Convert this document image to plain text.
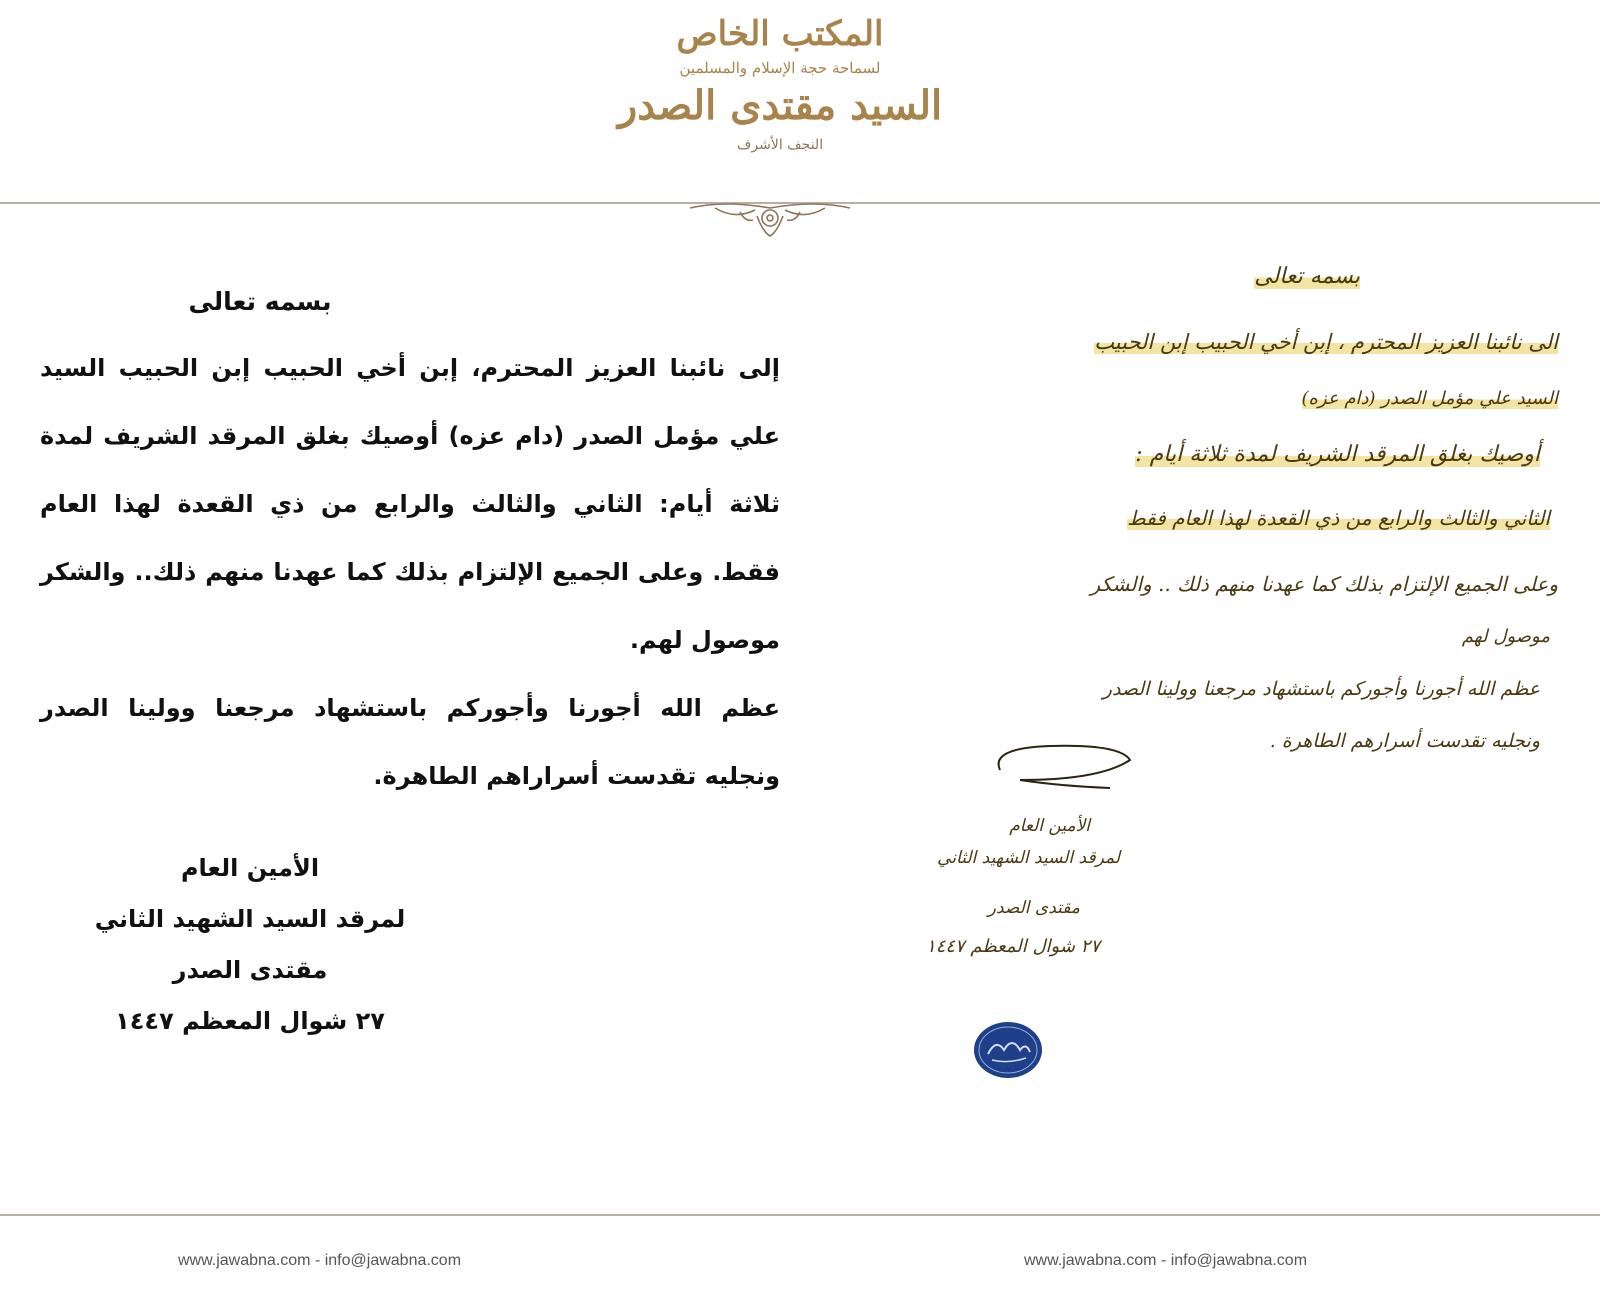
المكتب الخاص
لسماحة حجة الإسلام والمسلمين
السيد مقتدى الصدر
النجف الأشرف
بسمه تعالى
إلى نائبنا العزيز المحترم، إبن أخي الحبيب إبن الحبيب السيد علي مؤمل الصدر (دام عزه) أوصيك بغلق المرقد الشريف لمدة ثلاثة أيام: الثاني والثالث والرابع من ذي القعدة لهذا العام فقط. وعلى الجميع الإلتزام بذلك كما عهدنا منهم ذلك.. والشكر موصول لهم.
عظم الله أجورنا وأجوركم باستشهاد مرجعنا وولينا الصدر ونجليه تقدست أسراراهم الطاهرة.
الأمين العام
لمرقد السيد الشهيد الثاني
مقتدى الصدر
٢٧ شوال المعظم ١٤٤٧
بسمه تعالى
الى نائبنا العزيز المحترم ، إبن أخي الحبيب إبن الحبيب
السيد علي مؤمل الصدر (دام عزه)
أوصيك بغلق المرقد الشريف لمدة ثلاثة أيام :
الثاني والثالث والرابع من ذي القعدة لهذا العام فقط
وعلى الجميع الإلتزام بذلك كما عهدنا منهم ذلك .. والشكر
موصول لهم
عظم الله أجورنا وأجوركم باستشهاد مرجعنا وولينا الصدر
ونجليه تقدست أسرارهم الطاهرة .
الأمين العام
لمرقد السيد الشهيد الثاني
مقتدى الصدر
٢٧ شوال المعظم ١٤٤٧
www.jawabna.com - info@jawabna.com	www.jawabna.com - info@jawabna.com
